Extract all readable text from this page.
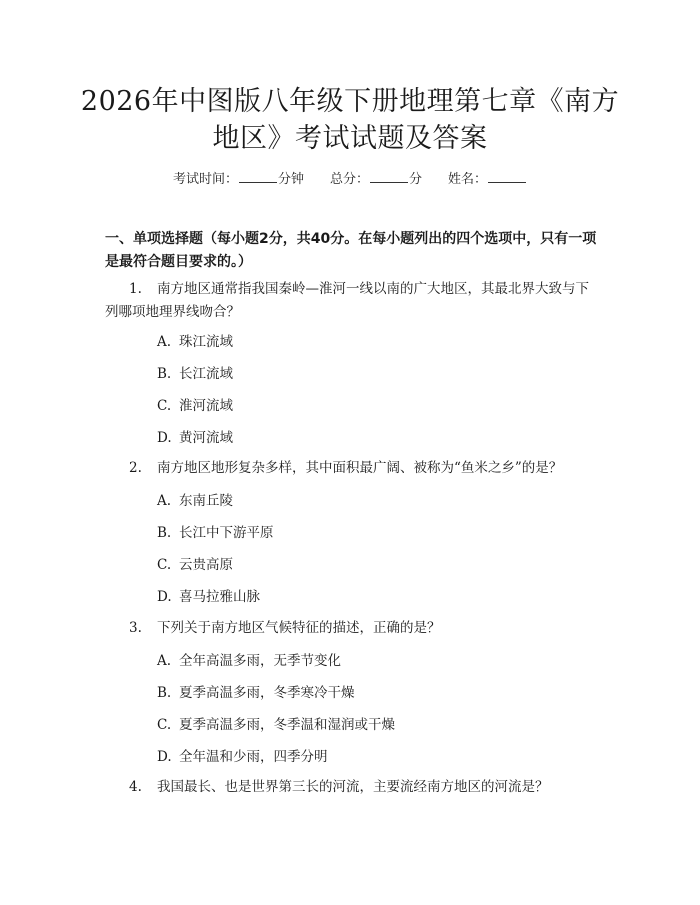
2026年中图版八年级下册地理第七章《南方
地区》考试试题及答案
考试时间：	分钟 总分：	分 姓名：
一、单项选择题（每小题2分，共40分。在每小题列出的四个选项中，只有一项
是最符合题目要求的。）
1. 南方地区通常指我国秦岭—淮河一线以南的广大地区，其最北界大致与下
列哪项地理界线吻合？
A. 珠江流域
B. 长江流域
C. 淮河流域
D. 黄河流域
2. 南方地区地形复杂多样，其中面积最广阔、被称为“鱼米之乡”的是？
A. 东南丘陵
B. 长江中下游平原
C. 云贵高原
D. 喜马拉雅山脉
3. 下列关于南方地区气候特征的描述，正确的是？
A. 全年高温多雨，无季节变化
B. 夏季高温多雨，冬季寒冷干燥
C. 夏季高温多雨，冬季温和湿润或干燥
D. 全年温和少雨，四季分明
4. 我国最长、也是世界第三长的河流，主要流经南方地区的河流是？
